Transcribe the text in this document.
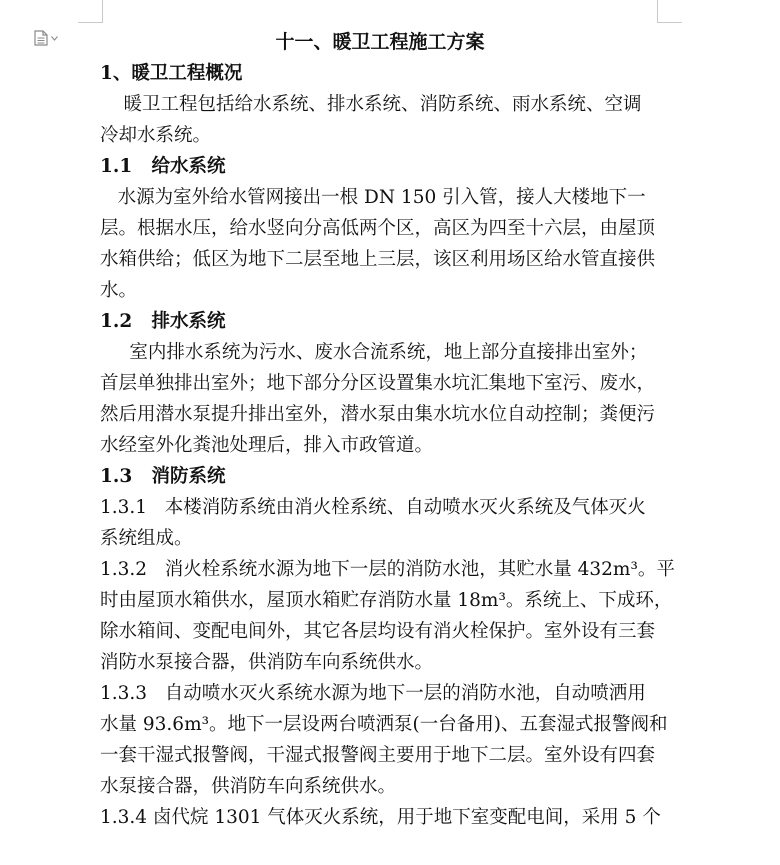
十一、暖卫工程施工方案
1、暖卫工程概况
暖卫工程包括给水系统、排水系统、消防系统、雨水系统、空调
冷却水系统。
1.1   给水系统
水源为室外给水管网接出一根 DN 150 引入管，接人大楼地下一
层。根据水压，给水竖向分高低两个区，高区为四至十六层，由屋顶
水箱供给；低区为地下二层至地上三层，该区利用场区给水管直接供
水。
1.2   排水系统
室内排水系统为污水、废水合流系统，地上部分直接排出室外；
首层单独排出室外；地下部分分区设置集水坑汇集地下室污、废水，
然后用潜水泵提升排出室外，潜水泵由集水坑水位自动控制；粪便污
水经室外化粪池处理后，排入市政管道。
1.3   消防系统
1.3.1   本楼消防系统由消火栓系统、自动喷水灭火系统及气体灭火
系统组成。
1.3.2   消火栓系统水源为地下一层的消防水池，其贮水量 432m³。平
时由屋顶水箱供水，屋顶水箱贮存消防水量 18m³。系统上、下成环，
除水箱间、变配电间外，其它各层均设有消火栓保护。室外设有三套
消防水泵接合器，供消防车向系统供水。
1.3.3   自动喷水灭火系统水源为地下一层的消防水池，自动喷洒用
水量 93.6m³。地下一层设两台喷洒泵(一台备用)、五套湿式报警阀和
一套干湿式报警阀，干湿式报警阀主要用于地下二层。室外设有四套
水泵接合器，供消防车向系统供水。
1.3.4 卤代烷 1301 气体灭火系统，用于地下室变配电间，采用 5 个
